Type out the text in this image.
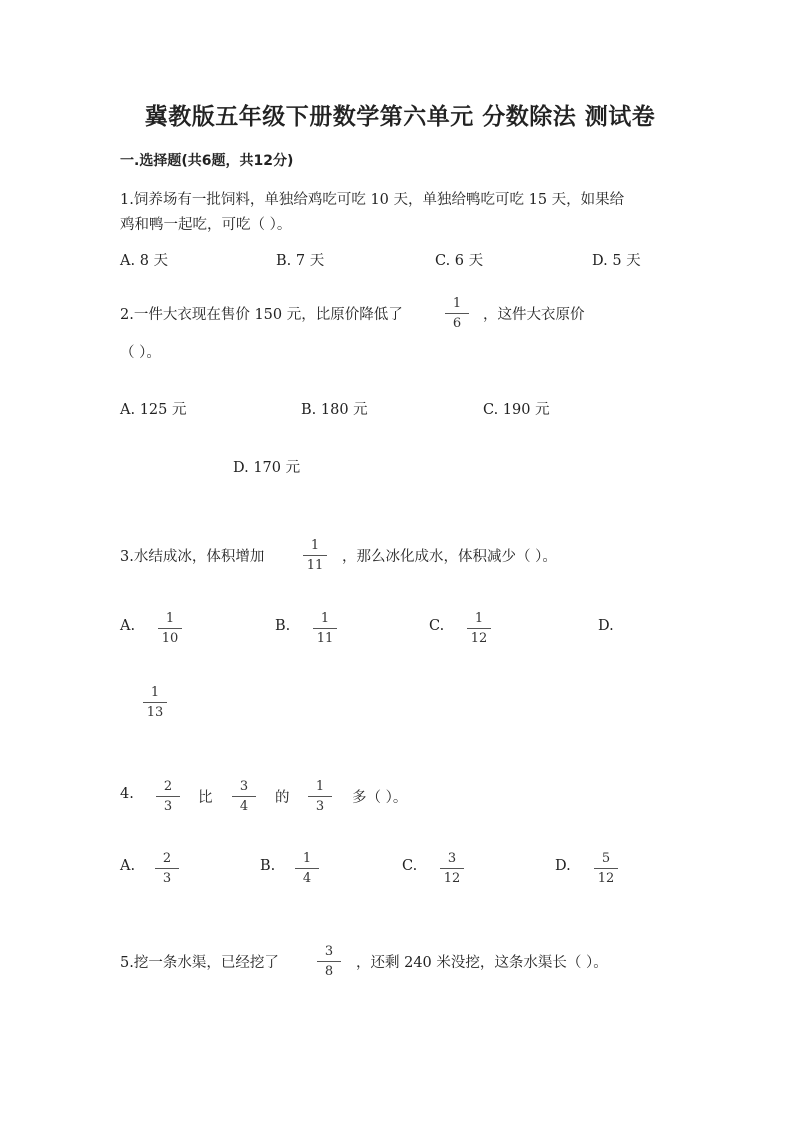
冀教版五年级下册数学第六单元 分数除法 测试卷
一.选择题(共6题，共12分)
1.饲养场有一批饲料，单独给鸡吃可吃 10 天，单独给鸭吃可吃 15 天，如果给
鸡和鸭一起吃，可吃（ ）。
A. 8 天	B. 7 天	C. 6 天	D. 5 天
2.一件大衣现在售价 150 元，比原价降低了
1
6
，这件大衣原价
（ ）。
A. 125 元	B. 180 元	C. 190 元
D. 170 元
3.水结成冰，体积增加
1
11
，那么冰化成水，体积减少（ ）。
A.	1
10
B.	1
11
C.	1
12
D.
1
13
4.	2
3
比
3
4
的
1
3
多（ ）。
A.	2
3
B.	1
4
C.	3
12
D.	5
12
5.挖一条水渠，已经挖了
3
8
，还剩 240 米没挖，这条水渠长（ ）。
